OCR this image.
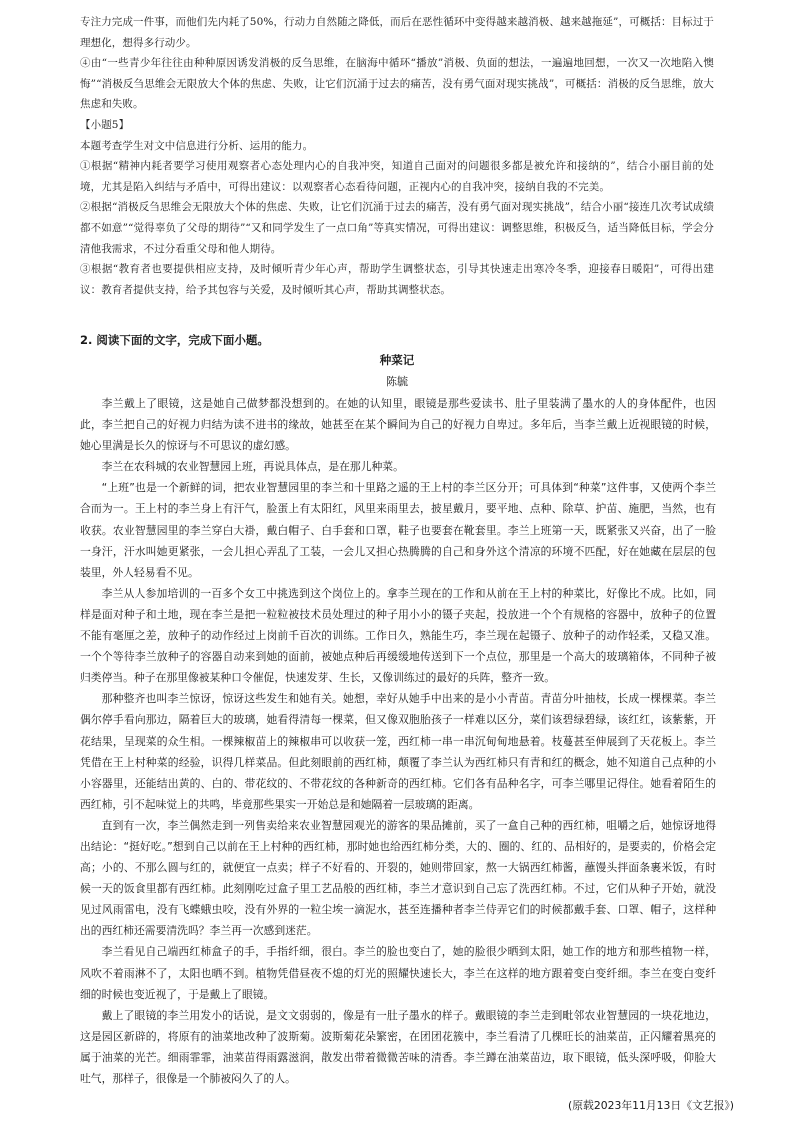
专注力完成一件事，而他们先内耗了50%，行动力自然随之降低，而后在恶性循环中变得越来越消极、越来越拖延”，可概括：目标过于理想化，想得多行动少。

④由“一些青少年往往由种种原因诱发消极的反刍思维，在脑海中循环“播放”消极、负面的想法，一遍遍地回想，一次又一次地陷入懊悔”“消极反刍思维会无限放大个体的焦虑、失败，让它们沉涌于过去的痛苦，没有勇气面对现实挑战”，可概括：消极的反刍思维，放大焦虑和失败。

【小题5】

本题考查学生对文中信息进行分析、运用的能力。

①根据“精神内耗者要学习使用观察者心态处理内心的自我冲突，知道自己面对的问题很多都是被允许和接纳的”，结合小丽目前的处境，尤其是陷入纠结与矛盾中，可得出建议：以观察者心态看待问题，正视内心的自我冲突，接纳自我的不完美。

②根据“消极反刍思维会无限放大个体的焦虑、失败，让它们沉涌于过去的痛苦，没有勇气面对现实挑战”，结合小丽“接连几次考试成绩都不如意”“觉得辜负了父母的期待”“又和同学发生了一点口角”等真实情况，可得出建议：调整思维，积极反刍，适当降低目标，学会分清他我需求，不过分看重父母和他人期待。

③根据“教育者也要提供相应支持，及时倾听青少年心声，帮助学生调整状态，引导其快速走出寒冷冬季，迎接春日暖阳”，可得出建议：教育者提供支持，给予其包容与关爱，及时倾听其心声，帮助其调整状态。

2. 阅读下面的文字，完成下面小题。
种菜记
陈毓

李兰戴上了眼镜，这是她自己做梦都没想到的。在她的认知里，眼镜是那些爱读书、肚子里装满了墨水的人的身体配件，也因此，李兰把自己的好视力归结为读不进书的缘故，她甚至在某个瞬间为自己的好视力自卑过。多年后，当李兰戴上近视眼镜的时候，她心里满是长久的惊讶与不可思议的虚幻感。

李兰在农科城的农业智慧园上班，再说具体点，是在那儿种菜。

“上班”也是一个新鲜的词，把农业智慧园里的李兰和十里路之遥的王上村的李兰区分开；可具体到“种菜”这件事，又使两个李兰合而为一。王上村的李兰身上有汗气，脸蛋上有太阳红，风里来雨里去，披星戴月，要平地、点种、除草、护苗、施肥，当然，也有收获。农业智慧园里的李兰穿白大褂，戴白帽子、白手套和口罩，鞋子也要套在靴套里。李兰上班第一天，既紧张又兴奋，出了一脸一身汗，汗水叫她更紧张，一会儿担心弄乱了工装，一会儿又担心热腾腾的自己和身外这个清凉的环境不匹配，好在她藏在层层的包装里，外人轻易看不见。

李兰从人参加培训的一百多个女工中挑选到这个岗位上的。拿李兰现在的工作和从前在王上村的种菜比，好像比不成。比如，同样是面对种子和土地，现在李兰是把一粒粒被技术员处理过的种子用小小的镊子夹起，投放进一个个有规格的容器中，放种子的位置不能有毫厘之差，放种子的动作经过上岗前千百次的训练。工作日久，熟能生巧，李兰现在起镊子、放种子的动作轻柔，又稳又准。一个个等待李兰放种子的容器自动来到她的面前，被她点种后再缓缓地传送到下一个点位，那里是一个高大的玻璃箱体，不同种子被归类停当。种子在那里像被某种口令催促，快速发芽、生长，又像训练过的最好的兵阵，整齐一致。

那种整齐也叫李兰惊讶，惊讶这些发生和她有关。她想，幸好从她手中出来的是小小青苗。青苗分叶抽枝，长成一棵棵菜。李兰偶尔停手看向那边，隔着巨大的玻璃，她看得清每一棵菜，但又像双胞胎孩子一样难以区分，菜们该碧绿碧绿，该红红，该紫紫，开花结果，呈现菜的众生相。一棵辣椒苗上的辣椒串可以收获一笼，西红柿一串一串沉甸甸地悬着。枝蔓甚至伸展到了天花板上。李兰凭借在王上村种菜的经验，识得几样菜品。但此刻眼前的西红柿，颠覆了李兰认为西红柿只有青和红的概念，她不知道自己点种的小小容器里，还能结出黄的、白的、带花纹的、不带花纹的各种新奇的西红柿。它们各有品种名字，可李兰哪里记得住。她看着陌生的西红柿，引不起味觉上的共鸣，毕竟那些果实一开始总是和她隔着一层玻璃的距离。

直到有一次，李兰偶然走到一列售卖给来农业智慧园观光的游客的果品摊前，买了一盒自己种的西红柿，咀嚼之后，她惊讶地得出结论：“挺好吃。”想到自己以前在王上村种的西红柿，那时她也给西红柿分类，大的、圈的、红的、品相好的，是要卖的，价格会定高；小的、不那么圆与红的，就便宜一点卖；样子不好看的、开裂的，她则带回家，熬一大锅西红柿酱，蘸馒头拌面条裹米饭，有时候一天的饭食里都有西红柿。此刻刚吃过盒子里工艺品般的西红柿，李兰才意识到自己忘了洗西红柿。不过，它们从种子开始，就没见过风雨雷电，没有飞蝶蛾虫咬，没有外界的一粒尘埃一滴泥水，甚至连播种者李兰侍弄它们的时候都戴手套、口罩、帽子，这样种出的西红柿还需要清洗吗？李兰再一次感到迷茫。

李兰看见自己端西红柿盒子的手，手指纤细，很白。李兰的脸也变白了，她的脸很少晒到太阳，她工作的地方和那些植物一样，风吹不着雨淋不了，太阳也晒不到。植物凭借昼夜不熄的灯光的照耀快速长大，李兰在这样的地方跟着变白变纤细。李兰在变白变纤细的时候也变近视了，于是戴上了眼镜。

戴上了眼镜的李兰用发小的话说，是文文弱弱的，像是有一肚子墨水的样子。戴眼镜的李兰走到毗邻农业智慧园的一块花地边，这是园区新辟的，将原有的油菜地改种了波斯菊。波斯菊花朵繁密，在团团花簇中，李兰看清了几棵旺长的油菜苗，正闪耀着黑亮的属于油菜的光芒。细雨霏霏，油菜苗得雨露滋润，散发出带着微微苦味的清香。李兰蹲在油菜苗边，取下眼镜，低头深呼吸，仰脸大吐气，那样子，很像是一个肺被闷久了的人。

(原载2023年11月13日《文艺报》)
